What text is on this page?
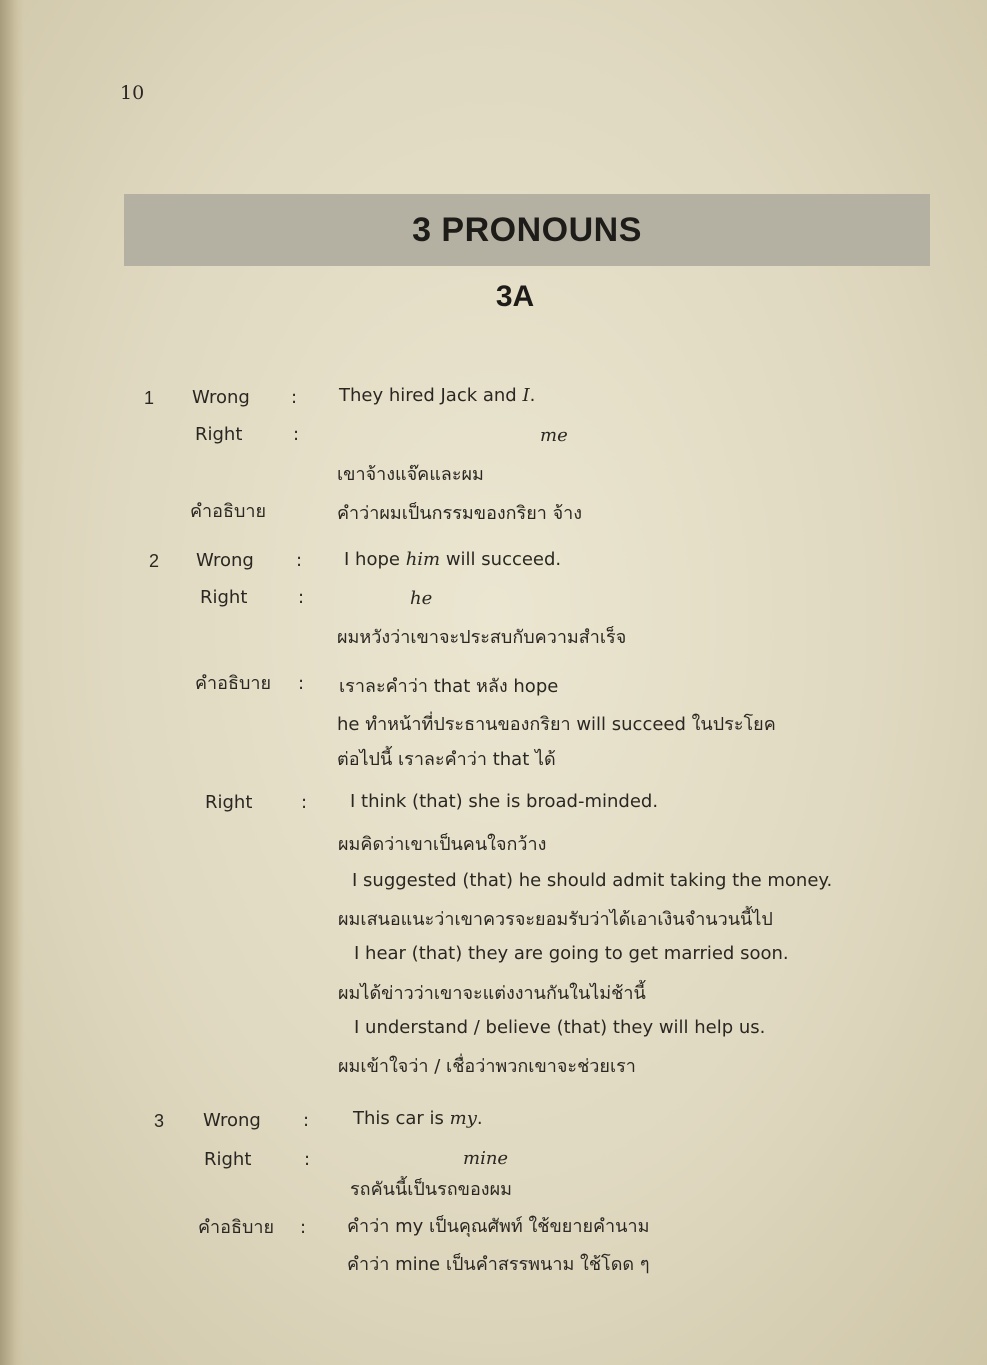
10
3 PRONOUNS
3A
1 Wrong : They hired Jack and I.
Right	:	me
เขาจ้างแจ๊คและผม
คำอธิบาย	คำว่าผมเป็นกรรมของกริยา จ้าง
2 Wrong : I hope him will succeed.
Right	:	he
ผมหวังว่าเขาจะประสบกับความสำเร็จ
คำอธิบาย : เราละคำว่า that หลัง hope
he ทำหน้าที่ประธานของกริยา will succeed ในประโยค
ต่อไปนี้ เราละคำว่า that ได้
Right	: I think (that) she is broad-minded.
ผมคิดว่าเขาเป็นคนใจกว้าง
I suggested (that) he should admit taking the money.
ผมเสนอแนะว่าเขาควรจะยอมรับว่าได้เอาเงินจำนวนนี้ไป
I hear (that) they are going to get married soon.
ผมได้ข่าวว่าเขาจะแต่งงานกันในไม่ช้านี้
I understand / believe (that) they will help us.
ผมเข้าใจว่า / เชื่อว่าพวกเขาจะช่วยเรา
3 Wrong : This car is my.
Right	:	mine
รถคันนี้เป็นรถของผม
คำอธิบาย : คำว่า my เป็นคุณศัพท์ ใช้ขยายคำนาม
คำว่า mine เป็นคำสรรพนาม ใช้โดด ๆ
